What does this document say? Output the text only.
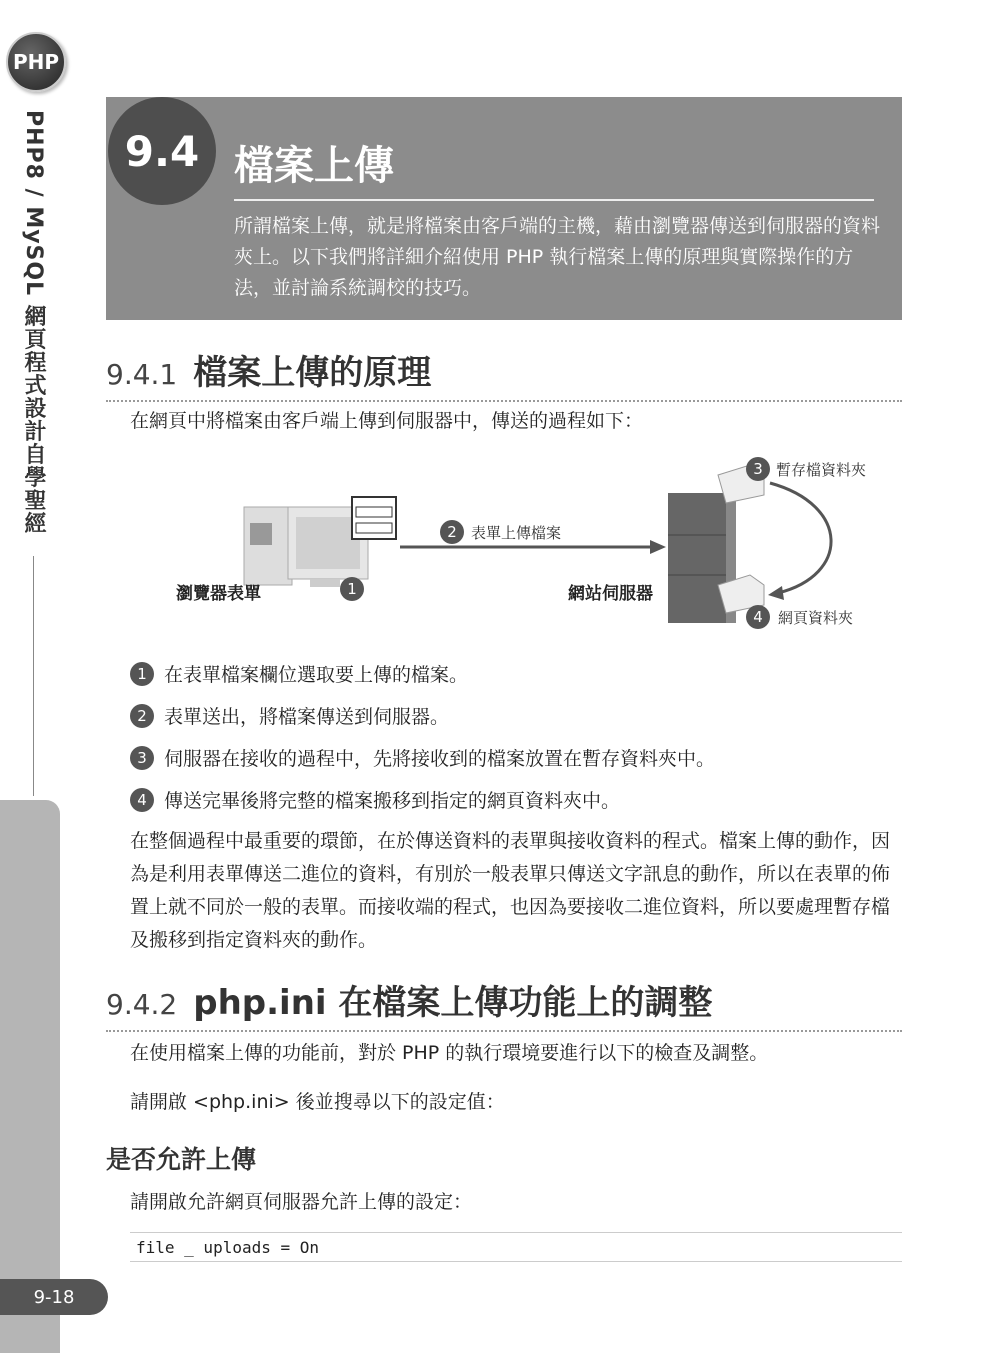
PHP
PHP8 / MySQL 網頁程式設計自學聖經
9-18
9.4 檔案上傳
所謂檔案上傳，就是將檔案由客戶端的主機，藉由瀏覽器傳送到伺服器的資料夾上。以下我們將詳細介紹使用 PHP 執行檔案上傳的原理與實際操作的方法，並討論系統調校的技巧。
9.4.1 檔案上傳的原理
在網頁中將檔案由客戶端上傳到伺服器中，傳送的過程如下：
瀏覽器表單	1
2 表單上傳檔案
網站伺服器
3 暫存檔資料夾
4	網頁資料夾
1 在表單檔案欄位選取要上傳的檔案。
2 表單送出，將檔案傳送到伺服器。
3 伺服器在接收的過程中，先將接收到的檔案放置在暫存資料夾中。
4 傳送完畢後將完整的檔案搬移到指定的網頁資料夾中。
在整個過程中最重要的環節，在於傳送資料的表單與接收資料的程式。檔案上傳的動作，因為是利用表單傳送二進位的資料，有別於一般表單只傳送文字訊息的動作，所以在表單的佈置上就不同於一般的表單。而接收端的程式，也因為要接收二進位資料，所以要處理暫存檔及搬移到指定資料夾的動作。
9.4.2 php.ini 在檔案上傳功能上的調整
在使用檔案上傳的功能前，對於 PHP 的執行環境要進行以下的檢查及調整。
請開啟 <php.ini> 後並搜尋以下的設定值：
是否允許上傳
請開啟允許網頁伺服器允許上傳的設定：
file _ uploads = On
